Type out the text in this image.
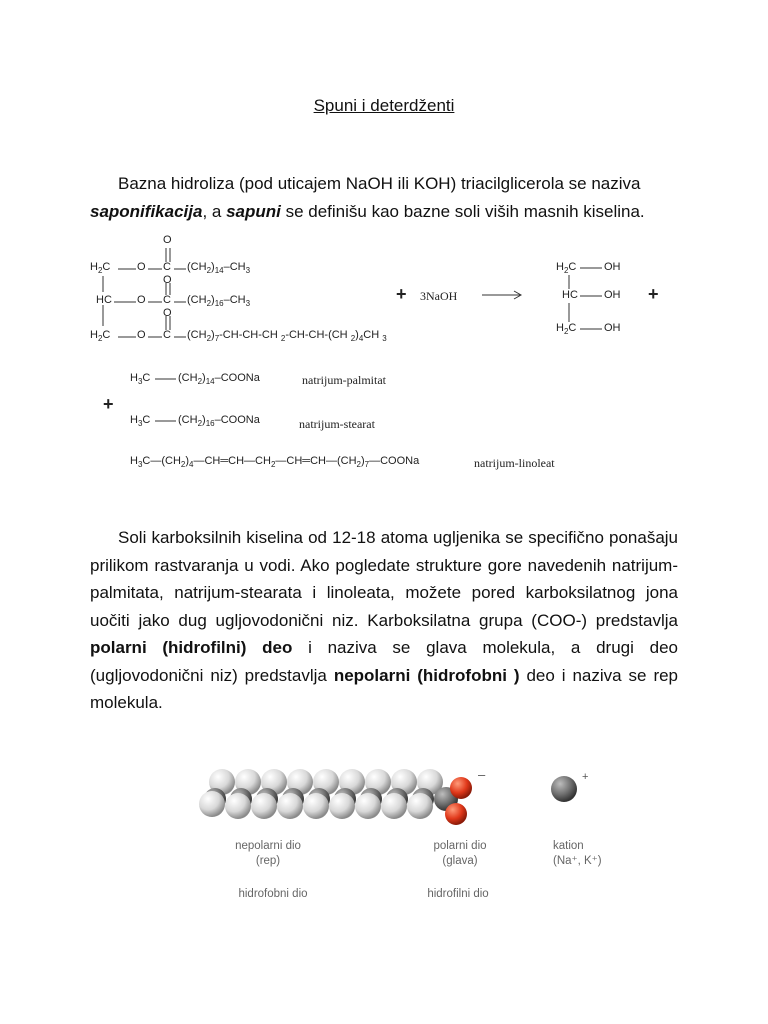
Spuni i deterdženti
Bazna hidroliza (pod uticajem NaOH ili KOH) triacilglicerola se naziva saponifikacija, a sapuni se definišu kao bazne soli viših masnih kiselina.
O
$H_2C$ O C $(CH_2)_{14}-CH_3$
O
HC O C $(CH_2)_{16}-CH_3$
O
$H_2C$ O C $(CH_2)_7-CH-CH-CH$ $_2$-CH-CH-(CH $_2)_4CH$ $_3$
+ 3NaOH
$H_2C$	OH
HC OH
$H_2C$	OH
+
$H_3C$	$(CH_2)_{14}$–COONa	natrijum-palmitat
+
$H_3C$	$(CH_2)_{16}$–COONa	natrijum-stearat
$H_3C—(CH_2)_4—CH═CH—CH_2—CH═CH—(CH_2)_7—COONa$	natrijum-linoleat
Soli karboksilnih kiselina od 12-18 atoma ugljenika se specifično ponašaju prilikom rastvaranja u vodi. Ako pogledate strukture gore navedenih natrijum-palmitata, natrijum-stearata i linoleata, možete pored karboksilatnog jona uočiti jako dug ugljovodonični niz. Karboksilatna grupa (COO-) predstavlja polarni (hidrofilni) deo i naziva se glava molekula, a drugi deo (ugljovodonični niz) predstavlja nepolarni (hidrofobni ) deo i naziva se rep molekula.
–	+
nepolarni dio
(rep)
hidrofobni dio
polarni dio
(glava)
hidrofilni dio
kation
(Na⁺, K⁺)
